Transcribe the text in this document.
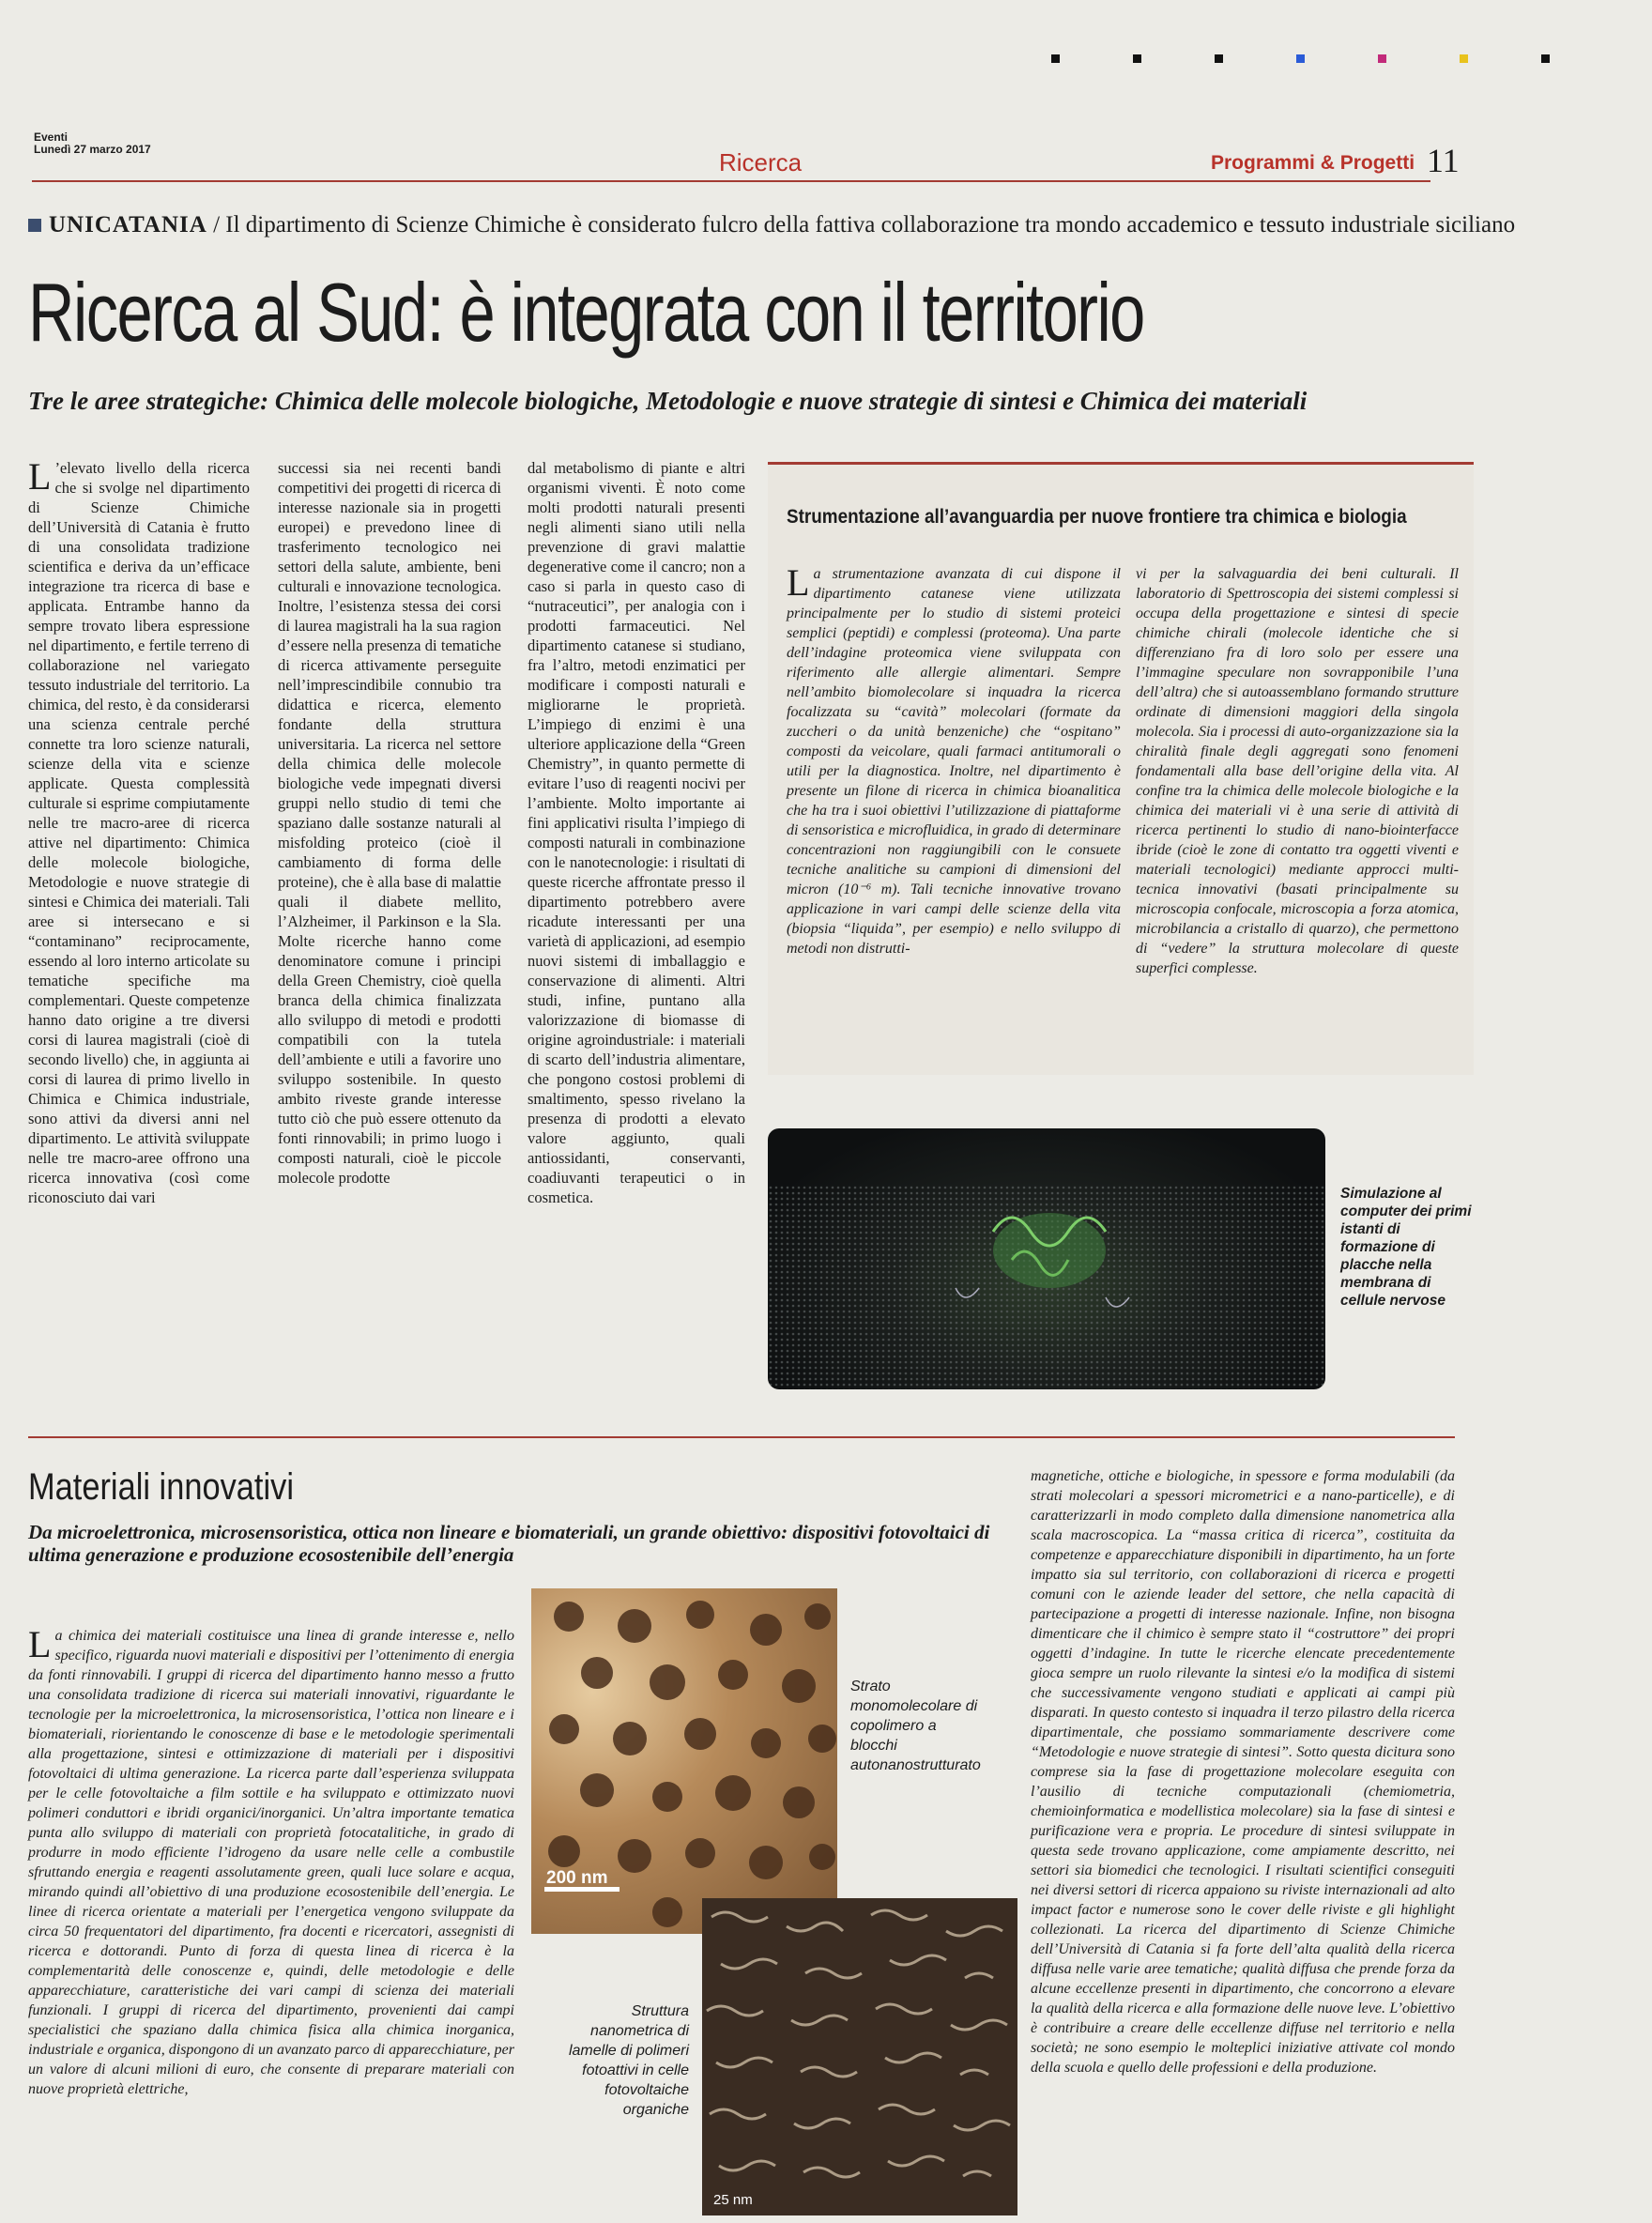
Eventi
Lunedì 27 marzo 2017	Ricerca	Programmi & Progetti 11
UNICATANIA / Il dipartimento di Scienze Chimiche è considerato fulcro della fattiva collaborazione tra mondo accademico e tessuto industriale siciliano
Ricerca al Sud: è integrata con il territorio
Tre le aree strategiche: Chimica delle molecole biologiche, Metodologie e nuove strategie di sintesi e Chimica dei materiali
L ’elevato livello della ricerca che si svolge nel dipartimento di Scienze Chimiche dell’Università di Catania è frutto di una consolidata tradizione scientifica e deriva da un’efficace integrazione tra ricerca di base e applicata. Entrambe hanno da sempre trovato libera espressione nel dipartimento, e fertile terreno di collaborazione nel variegato tessuto industriale del territorio. La chimica, del resto, è da considerarsi una scienza centrale perché connette tra loro scienze naturali, scienze della vita e scienze applicate. Questa complessità culturale si esprime compiutamente nelle tre macro-aree di ricerca attive nel dipartimento: Chimica delle molecole biologiche, Metodologie e nuove strategie di sintesi e Chimica dei materiali. Tali aree si intersecano e si “contaminano” reciprocamente, essendo al loro interno articolate su tematiche specifiche ma complementari. Queste competenze hanno dato origine a tre diversi corsi di laurea magistrali (cioè di secondo livello) che, in aggiunta ai corsi di laurea di primo livello in Chimica e Chimica industriale, sono attivi da diversi anni nel dipartimento. Le attività sviluppate nelle tre macro-aree offrono una ricerca innovativa (così come riconosciuto dai vari
successi sia nei recenti bandi competitivi dei progetti di ricerca di interesse nazionale sia in progetti europei) e prevedono linee di trasferimento tecnologico nei settori della salute, ambiente, beni culturali e innovazione tecnologica. Inoltre, l’esistenza stessa dei corsi di laurea magistrali ha la sua ragion d’essere nella presenza di tematiche di ricerca attivamente perseguite nell’imprescindibile connubio tra didattica e ricerca, elemento fondante della struttura universitaria. La ricerca nel settore della chimica delle molecole biologiche vede impegnati diversi gruppi nello studio di temi che spaziano dalle sostanze naturali al misfolding proteico (cioè il cambiamento di forma delle proteine), che è alla base di malattie quali il diabete mellito, l’Alzheimer, il Parkinson e la Sla. Molte ricerche hanno come denominatore comune i principi della Green Chemistry, cioè quella branca della chimica finalizzata allo sviluppo di metodi e prodotti compatibili con la tutela dell’ambiente e utili a favorire uno sviluppo sostenibile. In questo ambito riveste grande interesse tutto ciò che può essere ottenuto da fonti rinnovabili; in primo luogo i composti naturali, cioè le piccole molecole prodotte
dal metabolismo di piante e altri organismi viventi. È noto come molti prodotti naturali presenti negli alimenti siano utili nella prevenzione di gravi malattie degenerative come il cancro; non a caso si parla in questo caso di “nutraceutici”, per analogia con i prodotti farmaceutici. Nel dipartimento catanese si studiano, fra l’altro, metodi enzimatici per modificare i composti naturali e migliorarne le proprietà. L’impiego di enzimi è una ulteriore applicazione della “Green Chemistry”, in quanto permette di evitare l’uso di reagenti nocivi per l’ambiente. Molto importante ai fini applicativi risulta l’impiego di composti naturali in combinazione con le nanotecnologie: i risultati di queste ricerche affrontate presso il dipartimento potrebbero avere ricadute interessanti per una varietà di applicazioni, ad esempio nuovi sistemi di imballaggio e conservazione di alimenti. Altri studi, infine, puntano alla valorizzazione di biomasse di origine agroindustriale: i materiali di scarto dell’industria alimentare, che pongono costosi problemi di smaltimento, spesso rivelano la presenza di prodotti a elevato valore aggiunto, quali antiossidanti, conservanti, coadiuvanti terapeutici o in cosmetica.
Strumentazione all’avanguardia per nuove frontiere tra chimica e biologia
La strumentazione avanzata di cui dispone il dipartimento catanese viene utilizzata principalmente per lo studio di sistemi proteici semplici (peptidi) e complessi (proteoma). Una parte dell’indagine proteomica viene sviluppata con riferimento alle allergie alimentari. Sempre nell’ambito biomolecolare si inquadra la ricerca focalizzata su “cavità” molecolari (formate da zuccheri o da unità benzeniche) che “ospitano” composti da veicolare, quali farmaci antitumorali o utili per la diagnostica. Inoltre, nel dipartimento è presente un filone di ricerca in chimica bioanalitica che ha tra i suoi obiettivi l’utilizzazione di piattaforme di sensoristica e microfluidica, in grado di determinare concentrazioni non raggiungibili con le consuete tecniche analitiche su campioni di dimensioni del micron (10⁻⁶ m). Tali tecniche innovative trovano applicazione in vari campi delle scienze della vita (biopsia “liquida”, per esempio) e nello sviluppo di metodi non distrutti-
vi per la salvaguardia dei beni culturali. Il laboratorio di Spettroscopia dei sistemi complessi si occupa della progettazione e sintesi di specie chimiche chirali (molecole identiche che si differenziano fra di loro solo per essere una l’immagine speculare non sovrapponibile l’una dell’altra) che si autoassemblano formando strutture ordinate di dimensioni maggiori della singola molecola. Sia i processi di auto-organizzazione sia la chiralità finale degli aggregati sono fenomeni fondamentali alla base dell’origine della vita. Al confine tra la chimica delle molecole biologiche e la chimica dei materiali vi è una serie di attività di ricerca pertinenti lo studio di nano-biointerfacce ibride (cioè le zone di contatto tra oggetti viventi e materiali tecnologici) mediante approcci multi-tecnica innovativi (basati principalmente su microscopia confocale, microscopia a forza atomica, microbilancia a cristallo di quarzo), che permettono di “vedere” la struttura molecolare di queste superfici complesse.
Simulazione al computer dei primi istanti di formazione di placche nella membrana di cellule nervose
Materiali innovativi
Da microelettronica, microsensoristica, ottica non lineare e biomateriali, un grande obiettivo: dispositivi fotovoltaici di ultima generazione e produzione ecosostenibile dell’energia
La chimica dei materiali costituisce una linea di grande interesse e, nello specifico, riguarda nuovi materiali e dispositivi per l’ottenimento di energia da fonti rinnovabili. I gruppi di ricerca del dipartimento hanno messo a frutto una consolidata tradizione di ricerca sui materiali innovativi, riguardante le tecnologie per la microelettronica, la microsensoristica, l’ottica non lineare e i biomateriali, riorientando le conoscenze di base e le metodologie sperimentali alla progettazione, sintesi e ottimizzazione di materiali per i dispositivi fotovoltaici di ultima generazione. La ricerca parte dall’esperienza sviluppata per le celle fotovoltaiche a film sottile e ha sviluppato e ottimizzato nuovi polimeri conduttori e ibridi organici/inorganici. Un’altra importante tematica punta allo sviluppo di materiali con proprietà fotocatalitiche, in grado di produrre in modo efficiente l’idrogeno da usare nelle celle a combustile sfruttando energia e reagenti assolutamente green, quali luce solare e acqua, mirando quindi all’obiettivo di una produzione ecosostenibile dell’energia. Le linee di ricerca orientate a materiali per l’energetica vengono sviluppate da circa 50 frequentatori del dipartimento, fra docenti e ricercatori, assegnisti di ricerca e dottorandi. Punto di forza di questa linea di ricerca è la complementarità delle conoscenze e, quindi, delle metodologie e delle apparecchiature, caratteristiche dei vari campi di scienza dei materiali funzionali. I gruppi di ricerca del dipartimento, provenienti dai campi specialistici che spaziano dalla chimica fisica alla chimica inorganica, industriale e organica, dispongono di un avanzato parco di apparecchiature, per un valore di alcuni milioni di euro, che consente di preparare materiali con nuove proprietà elettriche,
magnetiche, ottiche e biologiche, in spessore e forma modulabili (da strati molecolari a spessori micrometrici e a nano-particelle), e di caratterizzarli in modo completo dalla dimensione nanometrica alla scala macroscopica. La “massa critica di ricerca”, costituita da competenze e apparecchiature disponibili in dipartimento, ha un forte impatto sia sul territorio, con collaborazioni di ricerca e progetti comuni con le aziende leader del settore, che nella capacità di partecipazione a progetti di interesse nazionale. Infine, non bisogna dimenticare che il chimico è sempre stato il “costruttore” dei propri oggetti d’indagine. In tutte le ricerche elencate precedentemente gioca sempre un ruolo rilevante la sintesi e/o la modifica di sistemi che successivamente vengono studiati e applicati ai campi più disparati. In questo contesto si inquadra il terzo pilastro della ricerca dipartimentale, che possiamo sommariamente descrivere come “Metodologie e nuove strategie di sintesi”. Sotto questa dicitura sono comprese sia la fase di progettazione molecolare eseguita con l’ausilio di tecniche computazionali (chemiometria, chemioinformatica e modellistica molecolare) sia la fase di sintesi e purificazione vera e propria. Le procedure di sintesi sviluppate in questa sede trovano applicazione, come ampiamente descritto, nei settori sia biomedici che tecnologici. I risultati scientifici conseguiti nei diversi settori di ricerca appaiono su riviste internazionali ad alto impact factor e numerose sono le cover delle riviste e gli highlight collezionati. La ricerca del dipartimento di Scienze Chimiche dell’Università di Catania si fa forte dell’alta qualità della ricerca diffusa nelle varie aree tematiche; qualità diffusa che prende forza da alcune eccellenze presenti in dipartimento, che concorrono a elevare la qualità della ricerca e alla formazione delle nuove leve. L’obiettivo è contribuire a creare delle eccellenze diffuse nel territorio e nella società; ne sono esempio le molteplici iniziative attivate col mondo della scuola e quello delle professioni e della produzione.
200 nm
Strato monomolecolare di copolimero a blocchi autonanostrutturato
25 nm
Struttura nanometrica di lamelle di polimeri fotoattivi in celle fotovoltaiche organiche
